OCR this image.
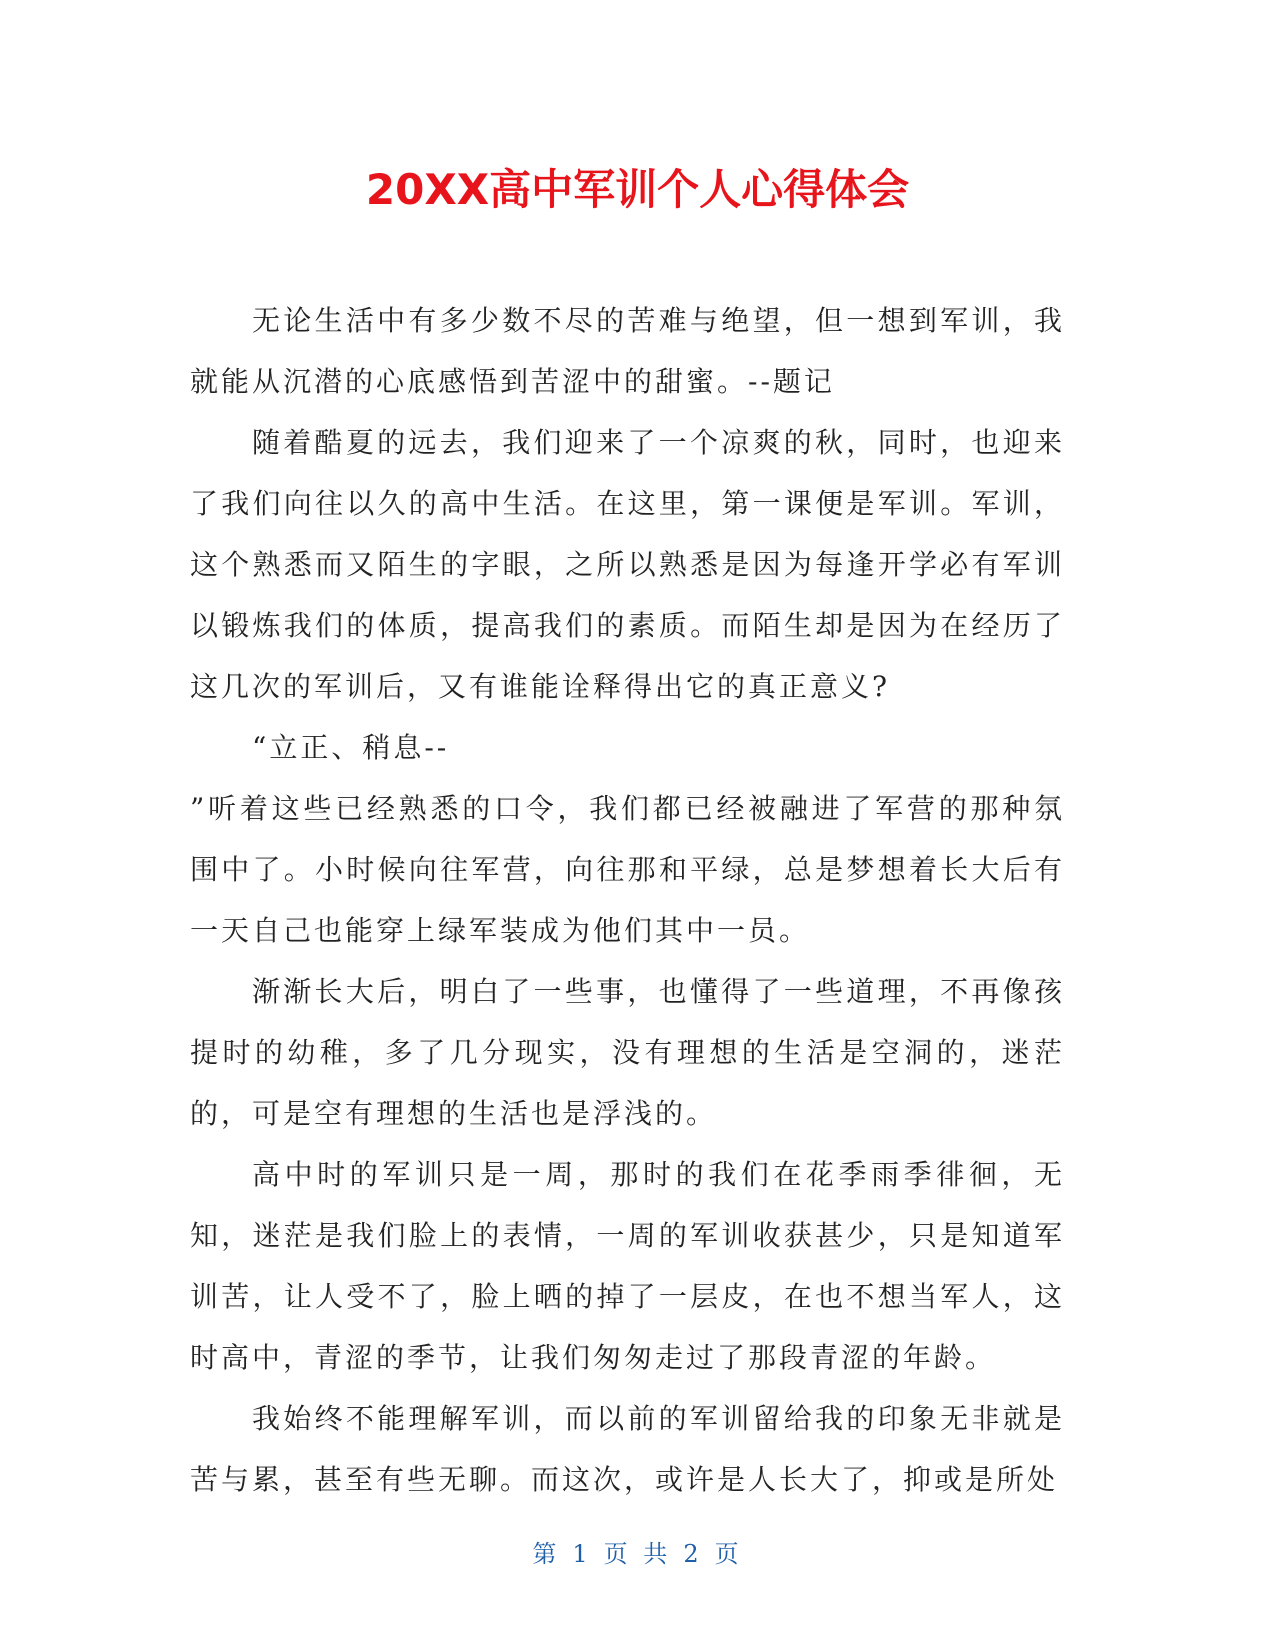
20XX高中军训个人心得体会

无论生活中有多少数不尽的苦难与绝望，但一想到军训，我就能从沉潜的心底感悟到苦涩中的甜蜜。--题记

随着酷夏的远去，我们迎来了一个凉爽的秋，同时，也迎来了我们向往以久的高中生活。在这里，第一课便是军训。军训，这个熟悉而又陌生的字眼，之所以熟悉是因为每逢开学必有军训以锻炼我们的体质，提高我们的素质。而陌生却是因为在经历了这几次的军训后，又有谁能诠释得出它的真正意义?

“立正、稍息--

”听着这些已经熟悉的口令，我们都已经被融进了军营的那种氛围中了。小时候向往军营，向往那和平绿，总是梦想着长大后有一天自己也能穿上绿军装成为他们其中一员。

渐渐长大后，明白了一些事，也懂得了一些道理，不再像孩提时的幼稚，多了几分现实，没有理想的生活是空洞的，迷茫的，可是空有理想的生活也是浮浅的。

高中时的军训只是一周，那时的我们在花季雨季徘徊，无知，迷茫是我们脸上的表情，一周的军训收获甚少，只是知道军训苦，让人受不了，脸上晒的掉了一层皮，在也不想当军人，这时高中，青涩的季节，让我们匆匆走过了那段青涩的年龄。

我始终不能理解军训，而以前的军训留给我的印象无非就是苦与累，甚至有些无聊。而这次，或许是人长大了，抑或是所处

第 1 页 共 2 页
